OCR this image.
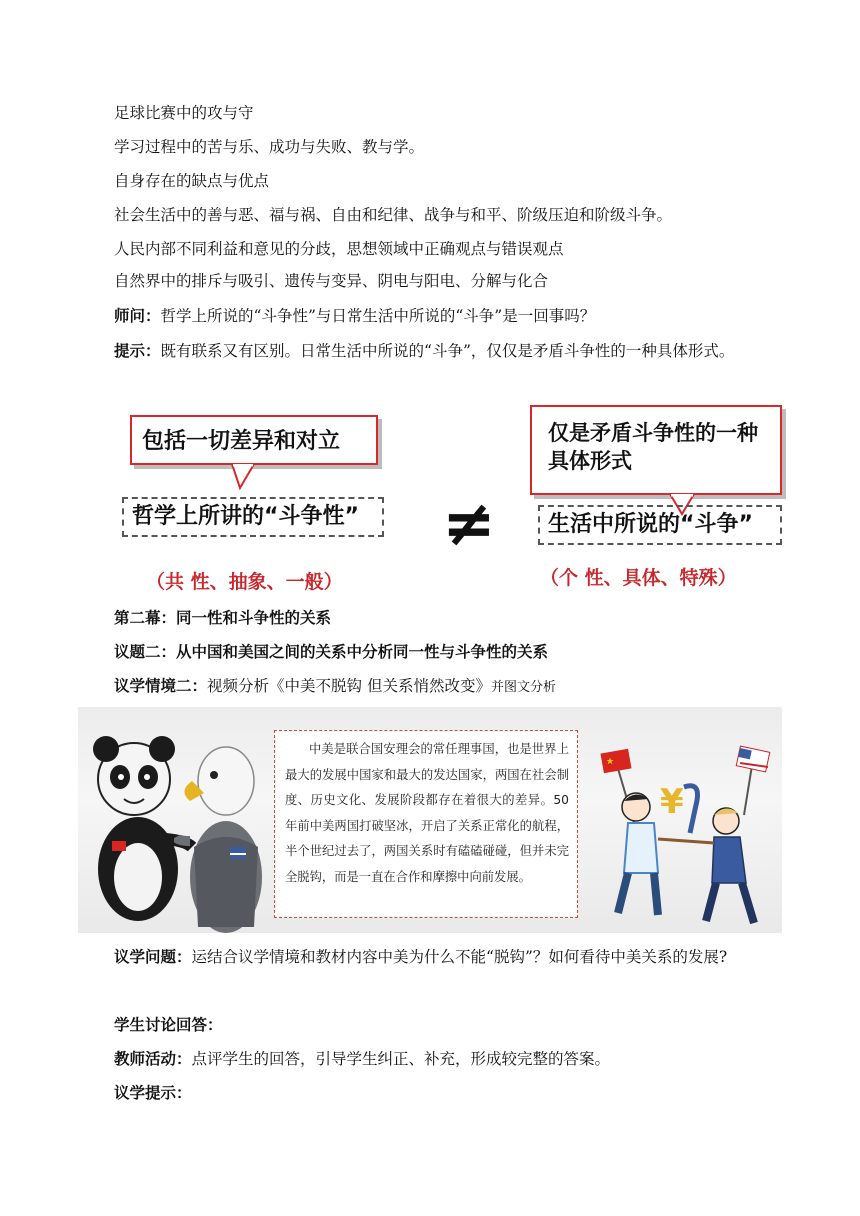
足球比赛中的攻与守
学习过程中的苦与乐、成功与失败、教与学。
自身存在的缺点与优点
社会生活中的善与恶、福与祸、自由和纪律、战争与和平、阶级压迫和阶级斗争。
人民内部不同利益和意见的分歧，思想领域中正确观点与错误观点
自然界中的排斥与吸引、遗传与变异、阴电与阳电、分解与化合
师问：哲学上所说的“斗争性”与日常生活中所说的“斗争”是一回事吗？
提示：既有联系又有区别。日常生活中所说的“斗争”，仅仅是矛盾斗争性的一种具体形式。
包括一切差异和对立
哲学上所讲的“斗争性”
（共 性、抽象、一般）
≠
仅是矛盾斗争性的一种具体形式
生活中所说的“斗争”
（个 性、具体、特殊）
第二幕：同一性和斗争性的关系
议题二：从中国和美国之间的关系中分析同一性与斗争性的关系
议学情境二：视频分析《中美不脱钩 但关系悄然改变》并图文分析
中美是联合国安理会的常任理事国，也是世界上最大的发展中国家和最大的发达国家，两国在社会制度、历史文化、发展阶段都存在着很大的差异。50年前中美两国打破坚冰，开启了关系正常化的航程，半个世纪过去了，两国关系时有磕磕碰碰，但并未完全脱钩，而是一直在合作和摩擦中向前发展。
★
¥
议学问题：运结合议学情境和教材内容中美为什么不能“脱钩”？如何看待中美关系的发展?
学生讨论回答：
教师活动：点评学生的回答，引导学生纠正、补充，形成较完整的答案。
议学提示：
